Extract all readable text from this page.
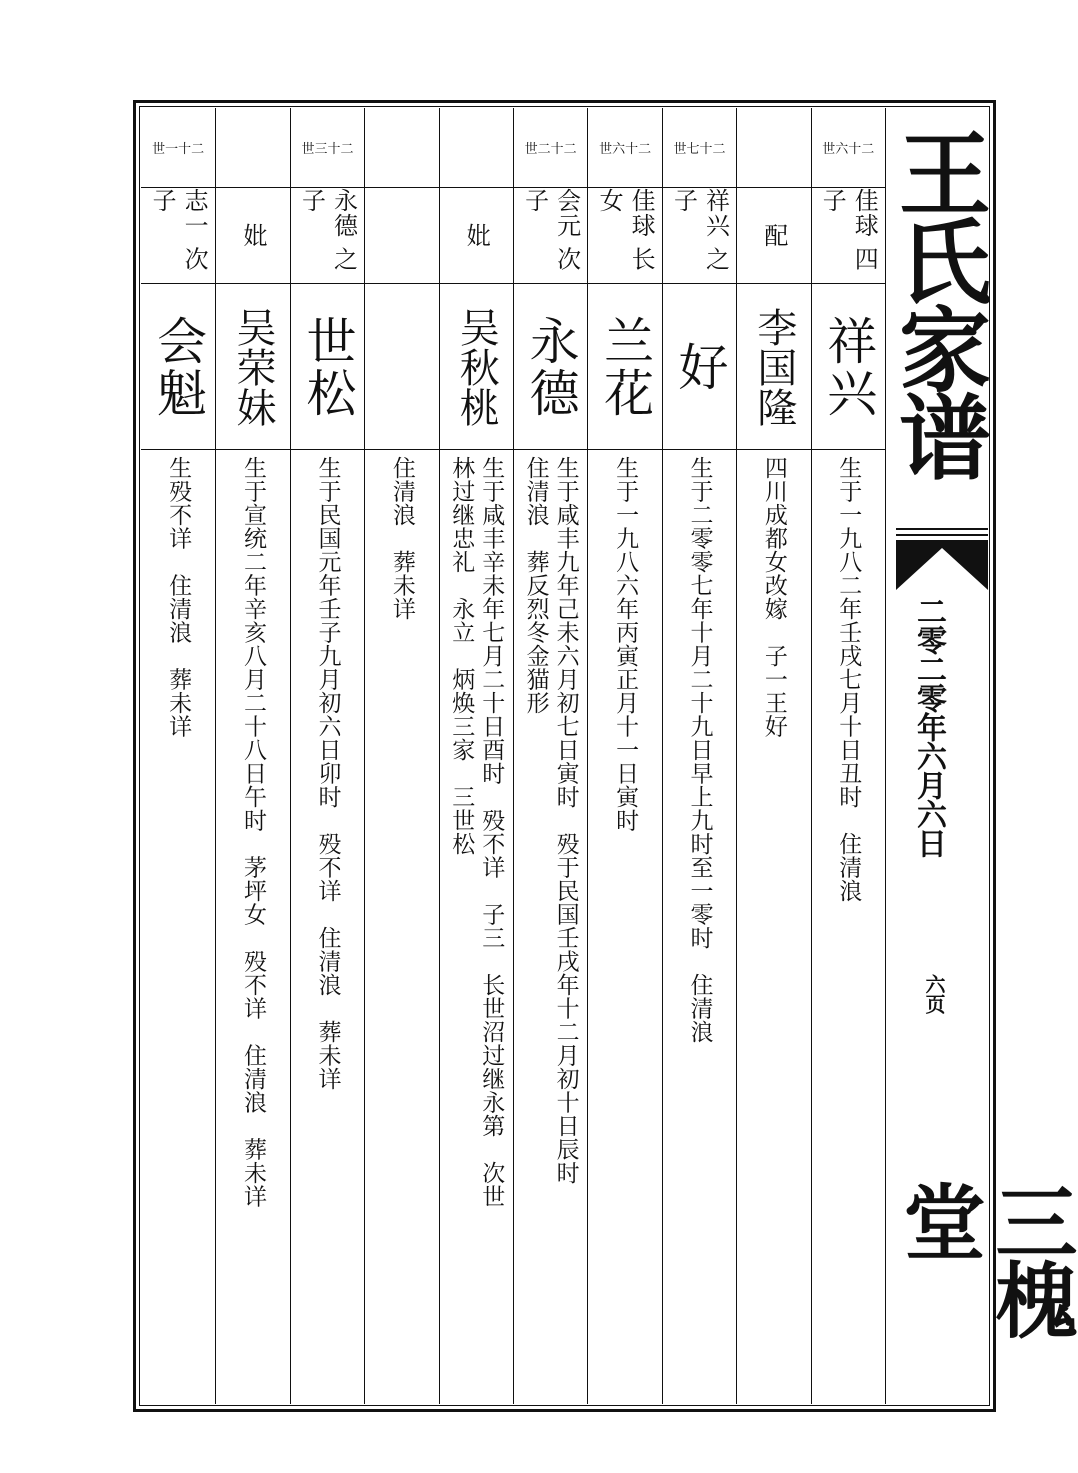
王氏家谱
二零二零年六月六日
六页
三槐堂
世六十二
佳球 四子
祥兴
生于一九八二年壬戌七月十日丑时　住清浪
配
李国隆
四川成都女改嫁　子一王好
世七十二
祥兴 之子
好
生于二零零七年十月二十九日早上九时至一零时　住清浪
世六十二
佳球 长女
兰花
生于一九八六年丙寅正月十一日寅时
世二十二
会元 次子
永德
生于咸丰九年己未六月初七日寅时　殁于民国壬戌年十二月初十日辰时
住清浪　葬反烈冬金猫形
妣
吴秋桃
生于咸丰辛未年七月二十日酉时　殁不详　子三　长世沼过继永第　次世
林过继忠礼　永立　炳焕三家　三世松
住清浪　葬未详
世三十二
永德 之子
世松
生于民国元年壬子九月初六日卯时　殁不详　住清浪　葬未详
妣
吴荣妹
生于宣统二年辛亥八月二十八日午时　茅坪女　殁不详　住清浪　葬未详
世一十二
志一 次子
会魁
生殁不详　住清浪　葬未详
